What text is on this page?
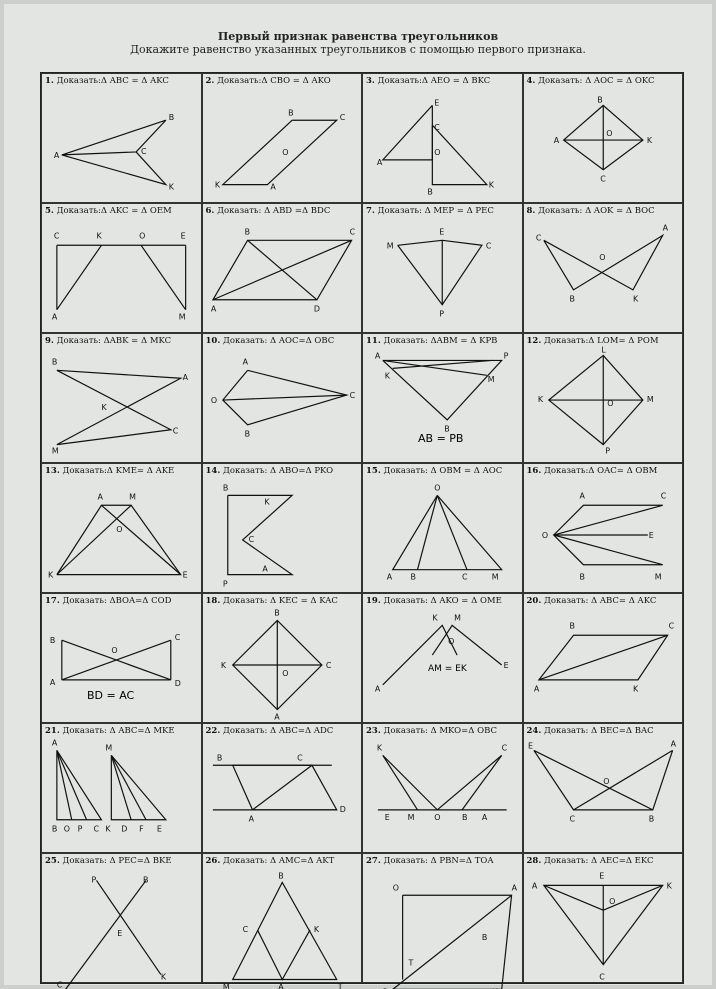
Первый признак равенства треугольников
Докажите равенство указанных треугольников с помощью первого признака.
1. Доказать:Δ ABC = Δ AKC
A
B
C
K
2. Доказать:Δ CBO = Δ AKO
B
C
O
K	A
3. Доказать:Δ AEO = Δ BKC
E
A
O
C
B
K
4. Доказать: Δ AOC = Δ OKC
B
A
O
K
C
5. Доказать:Δ AKC = Δ OEM
C	K	O	E
A	M
6. Доказать: Δ ABD =Δ BDC
B	C
A	D
7. Доказать: Δ MEP = Δ PEC
E
M	C
P
8. Доказать: Δ AOK = Δ BOC
C
A
O
B	K
9. Доказать: ΔABK = Δ MKC
B
A
K
C
M
10. Доказать: Δ AOC=Δ OBC
A
O
C
B
11. Доказать: ΔABM = Δ KPB
A	P
K	M
B
AB = PB
12. Доказать:Δ LOM= Δ POM
L
K	O	M
P
13. Доказать:Δ KME= Δ AKE
A	M
O
K	E
14. Доказать: Δ ABO=Δ PKO
B
K
C
P
A
15. Доказать: Δ OBM = Δ AOC
O
A B	C	M
16. Доказать:Δ OAC= Δ OBM
A	C
O	E
B	M
17. Доказать: ΔBOA=Δ COD
B	C
O
A	D
BD = AC
18. Доказать: Δ KEC = Δ KAC
B
K
O
C
A
19. Доказать: Δ AKO = Δ OME
K M
O
A
E
AM = EK
20. Доказать: Δ ABC= Δ AKC
B	C
A	K
21. Доказать: Δ ABC=Δ MKE
A
M
B O P C K D F E
22. Доказать: Δ ABC=Δ ADC
B	C
A
D
23. Доказать: Δ MKO=Δ OBC
K	C
E M O	B A
24. Доказать: Δ BEC=Δ BAC
E	A
O
C	B
25. Доказать: Δ PEC=Δ BKE
P	B
E
C
K
26. Доказать: Δ AMC=Δ AKT
B
C	K
M	A	T
27. Доказать: Δ PBN=Δ TOA
O	A
B
T
28. Доказать: Δ AEC=Δ EKC
A
E
O
K
C
